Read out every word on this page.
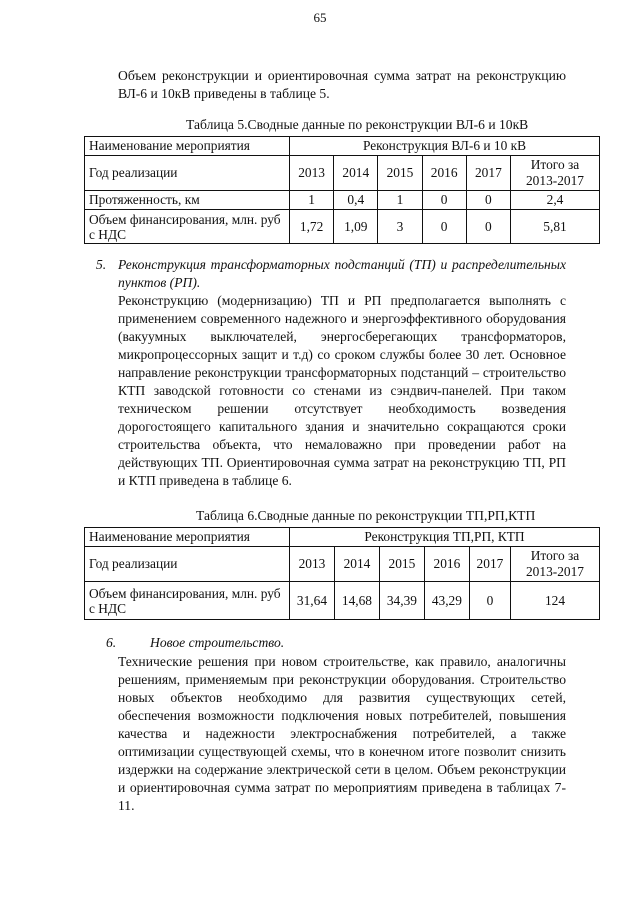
65

Объем реконструкции и ориентировочная сумма затрат на реконструкцию ВЛ-6 и 10кВ приведены в таблице 5.

Таблица 5.Сводные данные по реконструкции ВЛ-6 и 10кВ
Наименование мероприятия	Реконструкция ВЛ-6 и 10 кВ					
Год реализации	2013	2014	2015	2016	2017	Итого за 2013-2017
Протяженность, км	1	0,4	1	0	0	2,4
Объем финансирования, млн. руб с НДС	1,72	1,09	3	0	0	5,81
5. Реконструкция трансформаторных подстанций (ТП) и распределительных пунктов (РП).

Реконструкцию (модернизацию) ТП и РП предполагается выполнять с применением современного надежного и энергоэффективного оборудования (вакуумных выключателей, энергосберегающих трансформаторов, микропроцессорных защит и т.д) со сроком службы более 30 лет. Основное направление реконструкции трансформаторных подстанций – строительство КТП заводской готовности со стенами из сэндвич-панелей. При таком техническом решении отсутствует необходимость возведения дорогостоящего капитального здания и значительно сокращаются сроки строительства объекта, что немаловажно при проведении работ на действующих ТП. Ориентировочная сумма затрат на реконструкцию ТП, РП и КТП приведена в таблице 6.

Таблица 6.Сводные данные по реконструкции ТП,РП,КТП
Наименование мероприятия	Реконструкция ТП,РП, КТП					
Год реализации	2013	2014	2015	2016	2017	Итого за 2013-2017
Объем финансирования, млн. руб с НДС	31,64	14,68	34,39	43,29	0	124
6. Новое строительство.

Технические решения при новом строительстве, как правило, аналогичны решениям, применяемым при реконструкции оборудования. Строительство новых объектов необходимо для развития существующих сетей, обеспечения возможности подключения новых потребителей, повышения качества и надежности электроснабжения потребителей, а также оптимизации существующей схемы, что в конечном итоге позволит снизить издержки на содержание электрической сети в целом. Объем реконструкции и ориентировочная сумма затрат по мероприятиям приведена в таблицах 7-11.
